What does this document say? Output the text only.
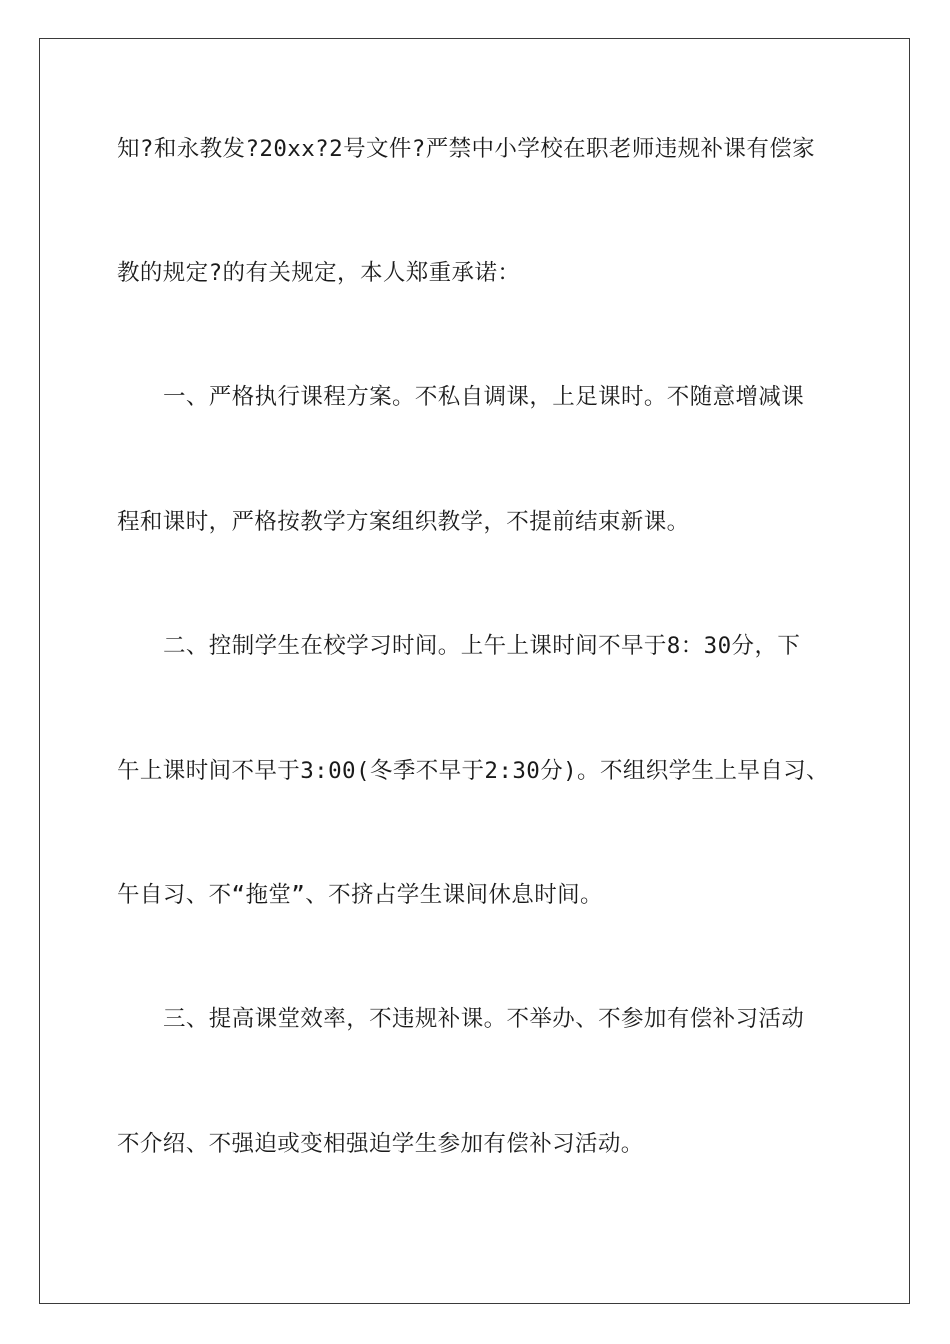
知?和永教发?20xx?2号文件?严禁中小学校在职老师违规补课有偿家

教的规定?的有关规定，本人郑重承诺：

一、严格执行课程方案。不私自调课，上足课时。不随意增减课

程和课时，严格按教学方案组织教学，不提前结束新课。

二、控制学生在校学习时间。上午上课时间不早于8：30分，下

午上课时间不早于3:00(冬季不早于2:30分)。不组织学生上早自习、

午自习、不“拖堂”、不挤占学生课间休息时间。

三、提高课堂效率，不违规补课。不举办、不参加有偿补习活动

不介绍、不强迫或变相强迫学生参加有偿补习活动。
